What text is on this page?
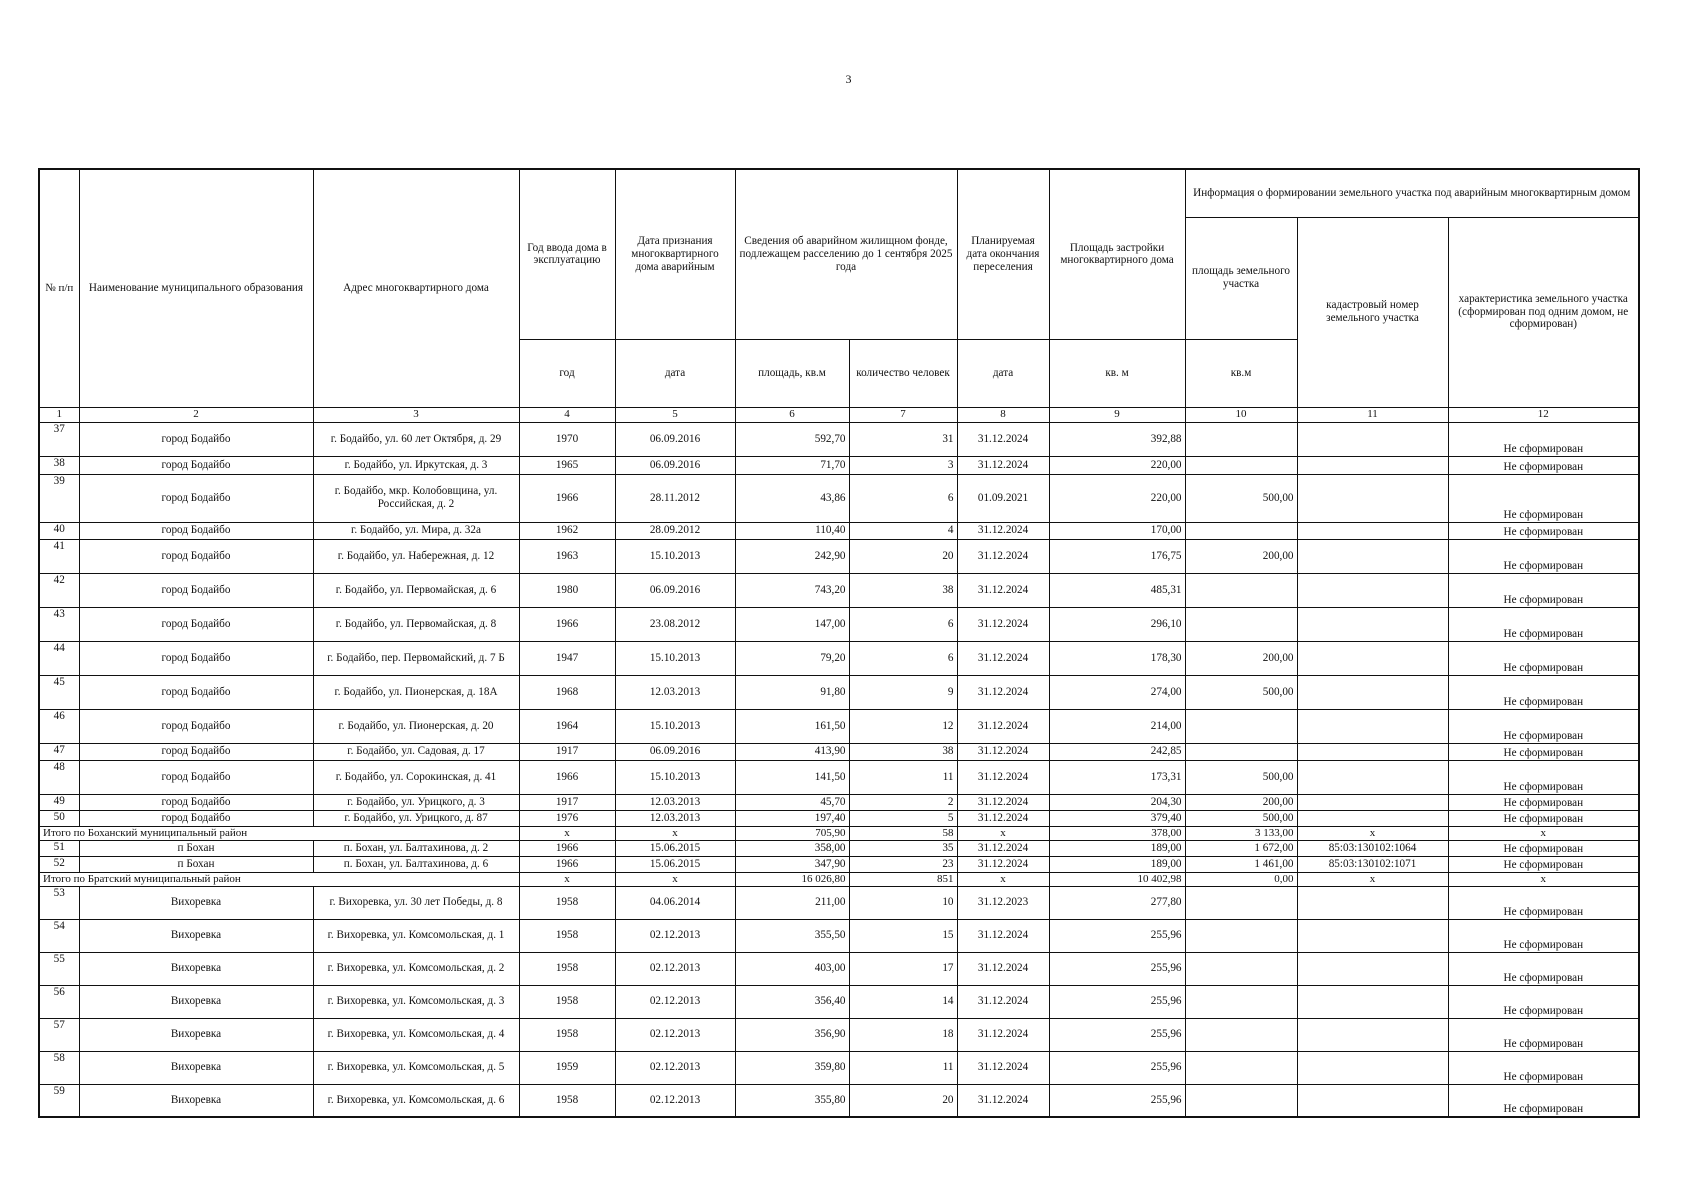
3
№ п/п	Наименование муниципального образования	Адрес многоквартирного дома	Год ввода дома в эксплуатацию	Дата признания многоквартирного дома аварийным	Сведения об аварийном жилищном фонде, подлежащем расселению до 1 сентября 2025 года		Планируемая дата окончания переселения	Площадь застройки многоквартирного дома	Информация о формировании земельного участка под аварийным многоквартирным домом		
									площадь земельного участка	кадастровый номер земельного участка	характеристика земельного участка (сформирован под одним домом, не сформирован)
			год	дата	площадь, кв.м	количество человек	дата	кв. м	кв.м		
1	2	3	4	5	6	7	8	9	10	11	12
37	город Бодайбо	г. Бодайбо, ул. 60 лет Октября, д. 29	1970	06.09.2016	592,70	31	31.12.2024	392,88			Не сформирован
38	город Бодайбо	г. Бодайбо, ул. Иркутская, д. 3	1965	06.09.2016	71,70	3	31.12.2024	220,00			Не сформирован
39	город Бодайбо	г. Бодайбо, мкр. Колобовщина, ул. Российская, д. 2	1966	28.11.2012	43,86	6	01.09.2021	220,00	500,00		Не сформирован
40	город Бодайбо	г. Бодайбо, ул. Мира, д. 32а	1962	28.09.2012	110,40	4	31.12.2024	170,00			Не сформирован
41	город Бодайбо	г. Бодайбо, ул. Набережная, д. 12	1963	15.10.2013	242,90	20	31.12.2024	176,75	200,00		Не сформирован
42	город Бодайбо	г. Бодайбо, ул. Первомайская, д. 6	1980	06.09.2016	743,20	38	31.12.2024	485,31			Не сформирован
43	город Бодайбо	г. Бодайбо, ул. Первомайская, д. 8	1966	23.08.2012	147,00	6	31.12.2024	296,10			Не сформирован
44	город Бодайбо	г. Бодайбо, пер. Первомайский, д. 7 Б	1947	15.10.2013	79,20	6	31.12.2024	178,30	200,00		Не сформирован
45	город Бодайбо	г. Бодайбо, ул. Пионерская, д. 18А	1968	12.03.2013	91,80	9	31.12.2024	274,00	500,00		Не сформирован
46	город Бодайбо	г. Бодайбо, ул. Пионерская, д. 20	1964	15.10.2013	161,50	12	31.12.2024	214,00			Не сформирован
47	город Бодайбо	г. Бодайбо, ул. Садовая, д. 17	1917	06.09.2016	413,90	38	31.12.2024	242,85			Не сформирован
48	город Бодайбо	г. Бодайбо, ул. Сорокинская, д. 41	1966	15.10.2013	141,50	11	31.12.2024	173,31	500,00		Не сформирован
49	город Бодайбо	г. Бодайбо, ул. Урицкого, д. 3	1917	12.03.2013	45,70	2	31.12.2024	204,30	200,00		Не сформирован
50	город Бодайбо	г. Бодайбо, ул. Урицкого, д. 87	1976	12.03.2013	197,40	5	31.12.2024	379,40	500,00		Не сформирован
Итого по Боханский муниципальный район			х	х	705,90	58	х	378,00	3 133,00	х	х
51	п Бохан	п. Бохан, ул. Балтахинова, д. 2	1966	15.06.2015	358,00	35	31.12.2024	189,00	1 672,00	85:03:130102:1064	Не сформирован
52	п Бохан	п. Бохан, ул. Балтахинова, д. 6	1966	15.06.2015	347,90	23	31.12.2024	189,00	1 461,00	85:03:130102:1071	Не сформирован
Итого по Братский муниципальный район			х	х	16 026,80	851	х	10 402,98	0,00	х	х
53	Вихоревка	г. Вихоревка, ул. 30 лет Победы, д. 8	1958	04.06.2014	211,00	10	31.12.2023	277,80			Не сформирован
54	Вихоревка	г. Вихоревка, ул. Комсомольская, д. 1	1958	02.12.2013	355,50	15	31.12.2024	255,96			Не сформирован
55	Вихоревка	г. Вихоревка, ул. Комсомольская, д. 2	1958	02.12.2013	403,00	17	31.12.2024	255,96			Не сформирован
56	Вихоревка	г. Вихоревка, ул. Комсомольская, д. 3	1958	02.12.2013	356,40	14	31.12.2024	255,96			Не сформирован
57	Вихоревка	г. Вихоревка, ул. Комсомольская, д. 4	1958	02.12.2013	356,90	18	31.12.2024	255,96			Не сформирован
58	Вихоревка	г. Вихоревка, ул. Комсомольская, д. 5	1959	02.12.2013	359,80	11	31.12.2024	255,96			Не сформирован
59	Вихоревка	г. Вихоревка, ул. Комсомольская, д. 6	1958	02.12.2013	355,80	20	31.12.2024	255,96			Не сформирован
